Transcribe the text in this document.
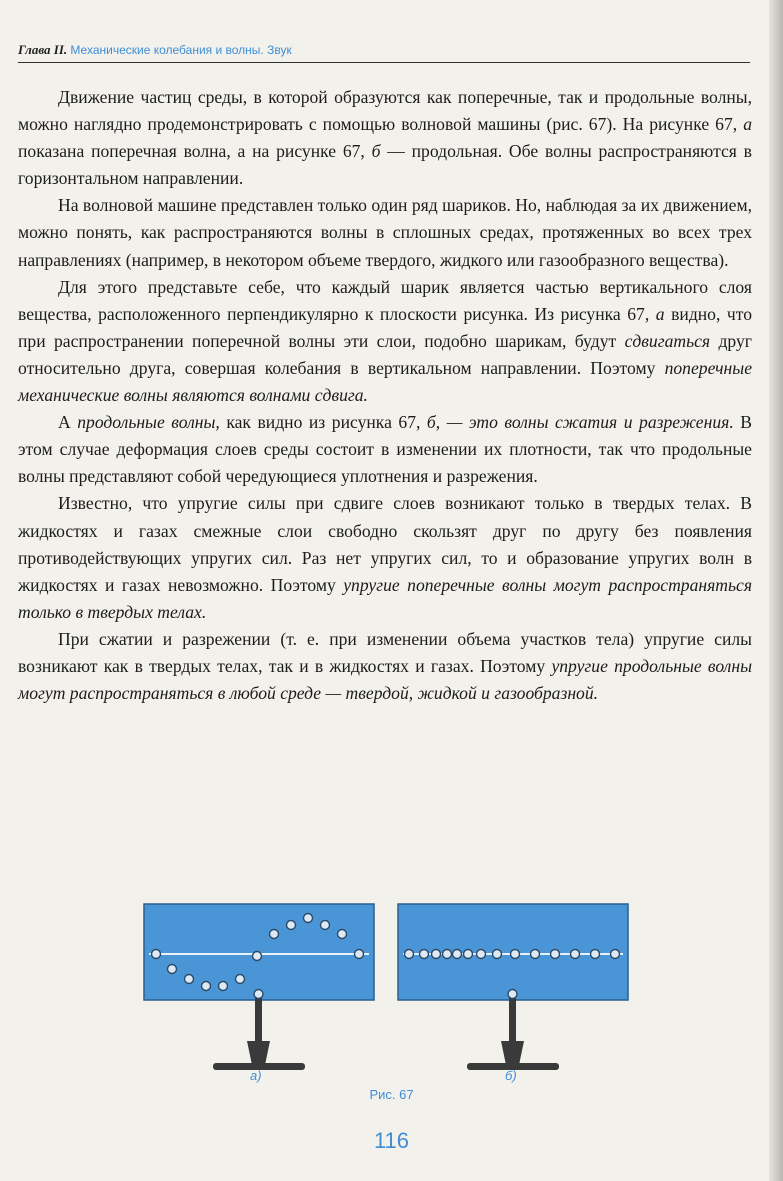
Глава II. Механические колебания и волны. Звук

Движение частиц среды, в которой образуются как поперечные, так и продольные волны, можно наглядно продемонстрировать с помощью волновой машины (рис. 67). На рисунке 67, а показана поперечная волна, а на рисунке 67, б — продольная. Обе волны распространяются в горизонтальном направлении.

На волновой машине представлен только один ряд шариков. Но, наблюдая за их движением, можно понять, как распространяются волны в сплошных средах, протяженных во всех трех направлениях (например, в некотором объеме твердого, жидкого или газообразного вещества).

Для этого представьте себе, что каждый шарик является частью вертикального слоя вещества, расположенного перпендикулярно к плоскости рисунка. Из рисунка 67, а видно, что при распространении поперечной волны эти слои, подобно шарикам, будут сдвигаться друг относительно друга, совершая колебания в вертикальном направлении. Поэтому поперечные механические волны являются волнами сдвига.

А продольные волны, как видно из рисунка 67, б, — это волны сжатия и разрежения. В этом случае деформация слоев среды состоит в изменении их плотности, так что продольные волны представляют собой чередующиеся уплотнения и разрежения.

Известно, что упругие силы при сдвиге слоев возникают только в твердых телах. В жидкостях и газах смежные слои свободно скользят друг по другу без появления противодействующих упругих сил. Раз нет упругих сил, то и образование упругих волн в жидкостях и газах невозможно. Поэтому упругие поперечные волны могут распространяться только в твердых телах.

При сжатии и разрежении (т. е. при изменении объема участков тела) упругие силы возникают как в твердых телах, так и в жидкостях и газах. Поэтому упругие продольные волны могут распространяться в любой среде — твердой, жидкой и газообразной.

а)	б)
Рис. 67
116
